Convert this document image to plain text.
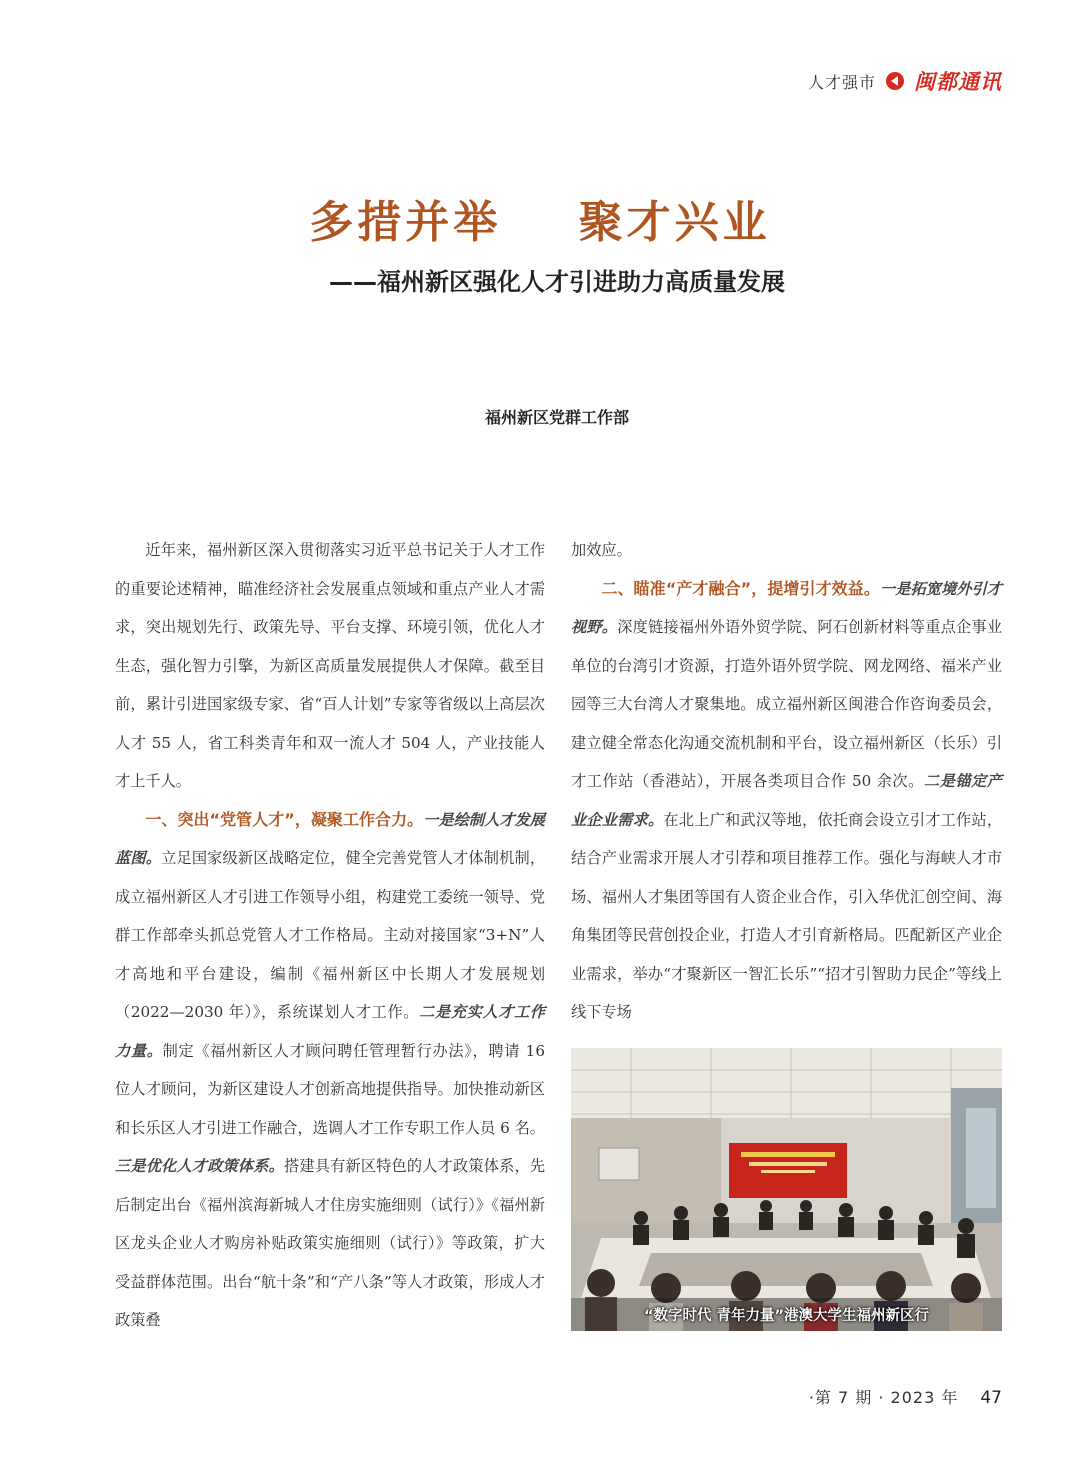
人才强市 闽都通讯
多措并举    聚才兴业
——福州新区强化人才引进助力高质量发展
福州新区党群工作部

近年来，福州新区深入贯彻落实习近平总书记关于人才工作的重要论述精神，瞄准经济社会发展重点领域和重点产业人才需求，突出规划先行、政策先导、平台支撑、环境引领，优化人才生态，强化智力引擎，为新区高质量发展提供人才保障。截至目前，累计引进国家级专家、省“百人计划”专家等省级以上高层次人才 55 人，省工科类青年和双一流人才 504 人，产业技能人才上千人。

一、突出“党管人才”，凝聚工作合力。一是绘制人才发展蓝图。立足国家级新区战略定位，健全完善党管人才体制机制，成立福州新区人才引进工作领导小组，构建党工委统一领导、党群工作部牵头抓总党管人才工作格局。主动对接国家“3+N”人才高地和平台建设，编制《福州新区中长期人才发展规划（2022—2030 年）》，系统谋划人才工作。二是充实人才工作力量。制定《福州新区人才顾问聘任管理暂行办法》，聘请 16 位人才顾问，为新区建设人才创新高地提供指导。加快推动新区和长乐区人才引进工作融合，选调人才工作专职工作人员 6 名。三是优化人才政策体系。搭建具有新区特色的人才政策体系，先后制定出台《福州滨海新城人才住房实施细则（试行）》《福州新区龙头企业人才购房补贴政策实施细则（试行）》等政策，扩大受益群体范围。出台“航十条”和“产八条”等人才政策，形成人才政策叠

加效应。

二、瞄准“产才融合”，提增引才效益。一是拓宽境外引才视野。深度链接福州外语外贸学院、阿石创新材料等重点企事业单位的台湾引才资源，打造外语外贸学院、网龙网络、福米产业园等三大台湾人才聚集地。成立福州新区闽港合作咨询委员会，建立健全常态化沟通交流机制和平台，设立福州新区（长乐）引才工作站（香港站），开展各类项目合作 50 余次。二是锚定产业企业需求。在北上广和武汉等地，依托商会设立引才工作站，结合产业需求开展人才引荐和项目推荐工作。强化与海峡人才市场、福州人才集团等国有人资企业合作，引入华优汇创空间、海角集团等民营创投企业，打造人才引育新格局。匹配新区产业企业需求，举办“才聚新区一智汇长乐”“招才引智助力民企”等线上线下专场

“数字时代 青年力量”港澳大学生福州新区行
·第 7 期 · 2023 年 47
